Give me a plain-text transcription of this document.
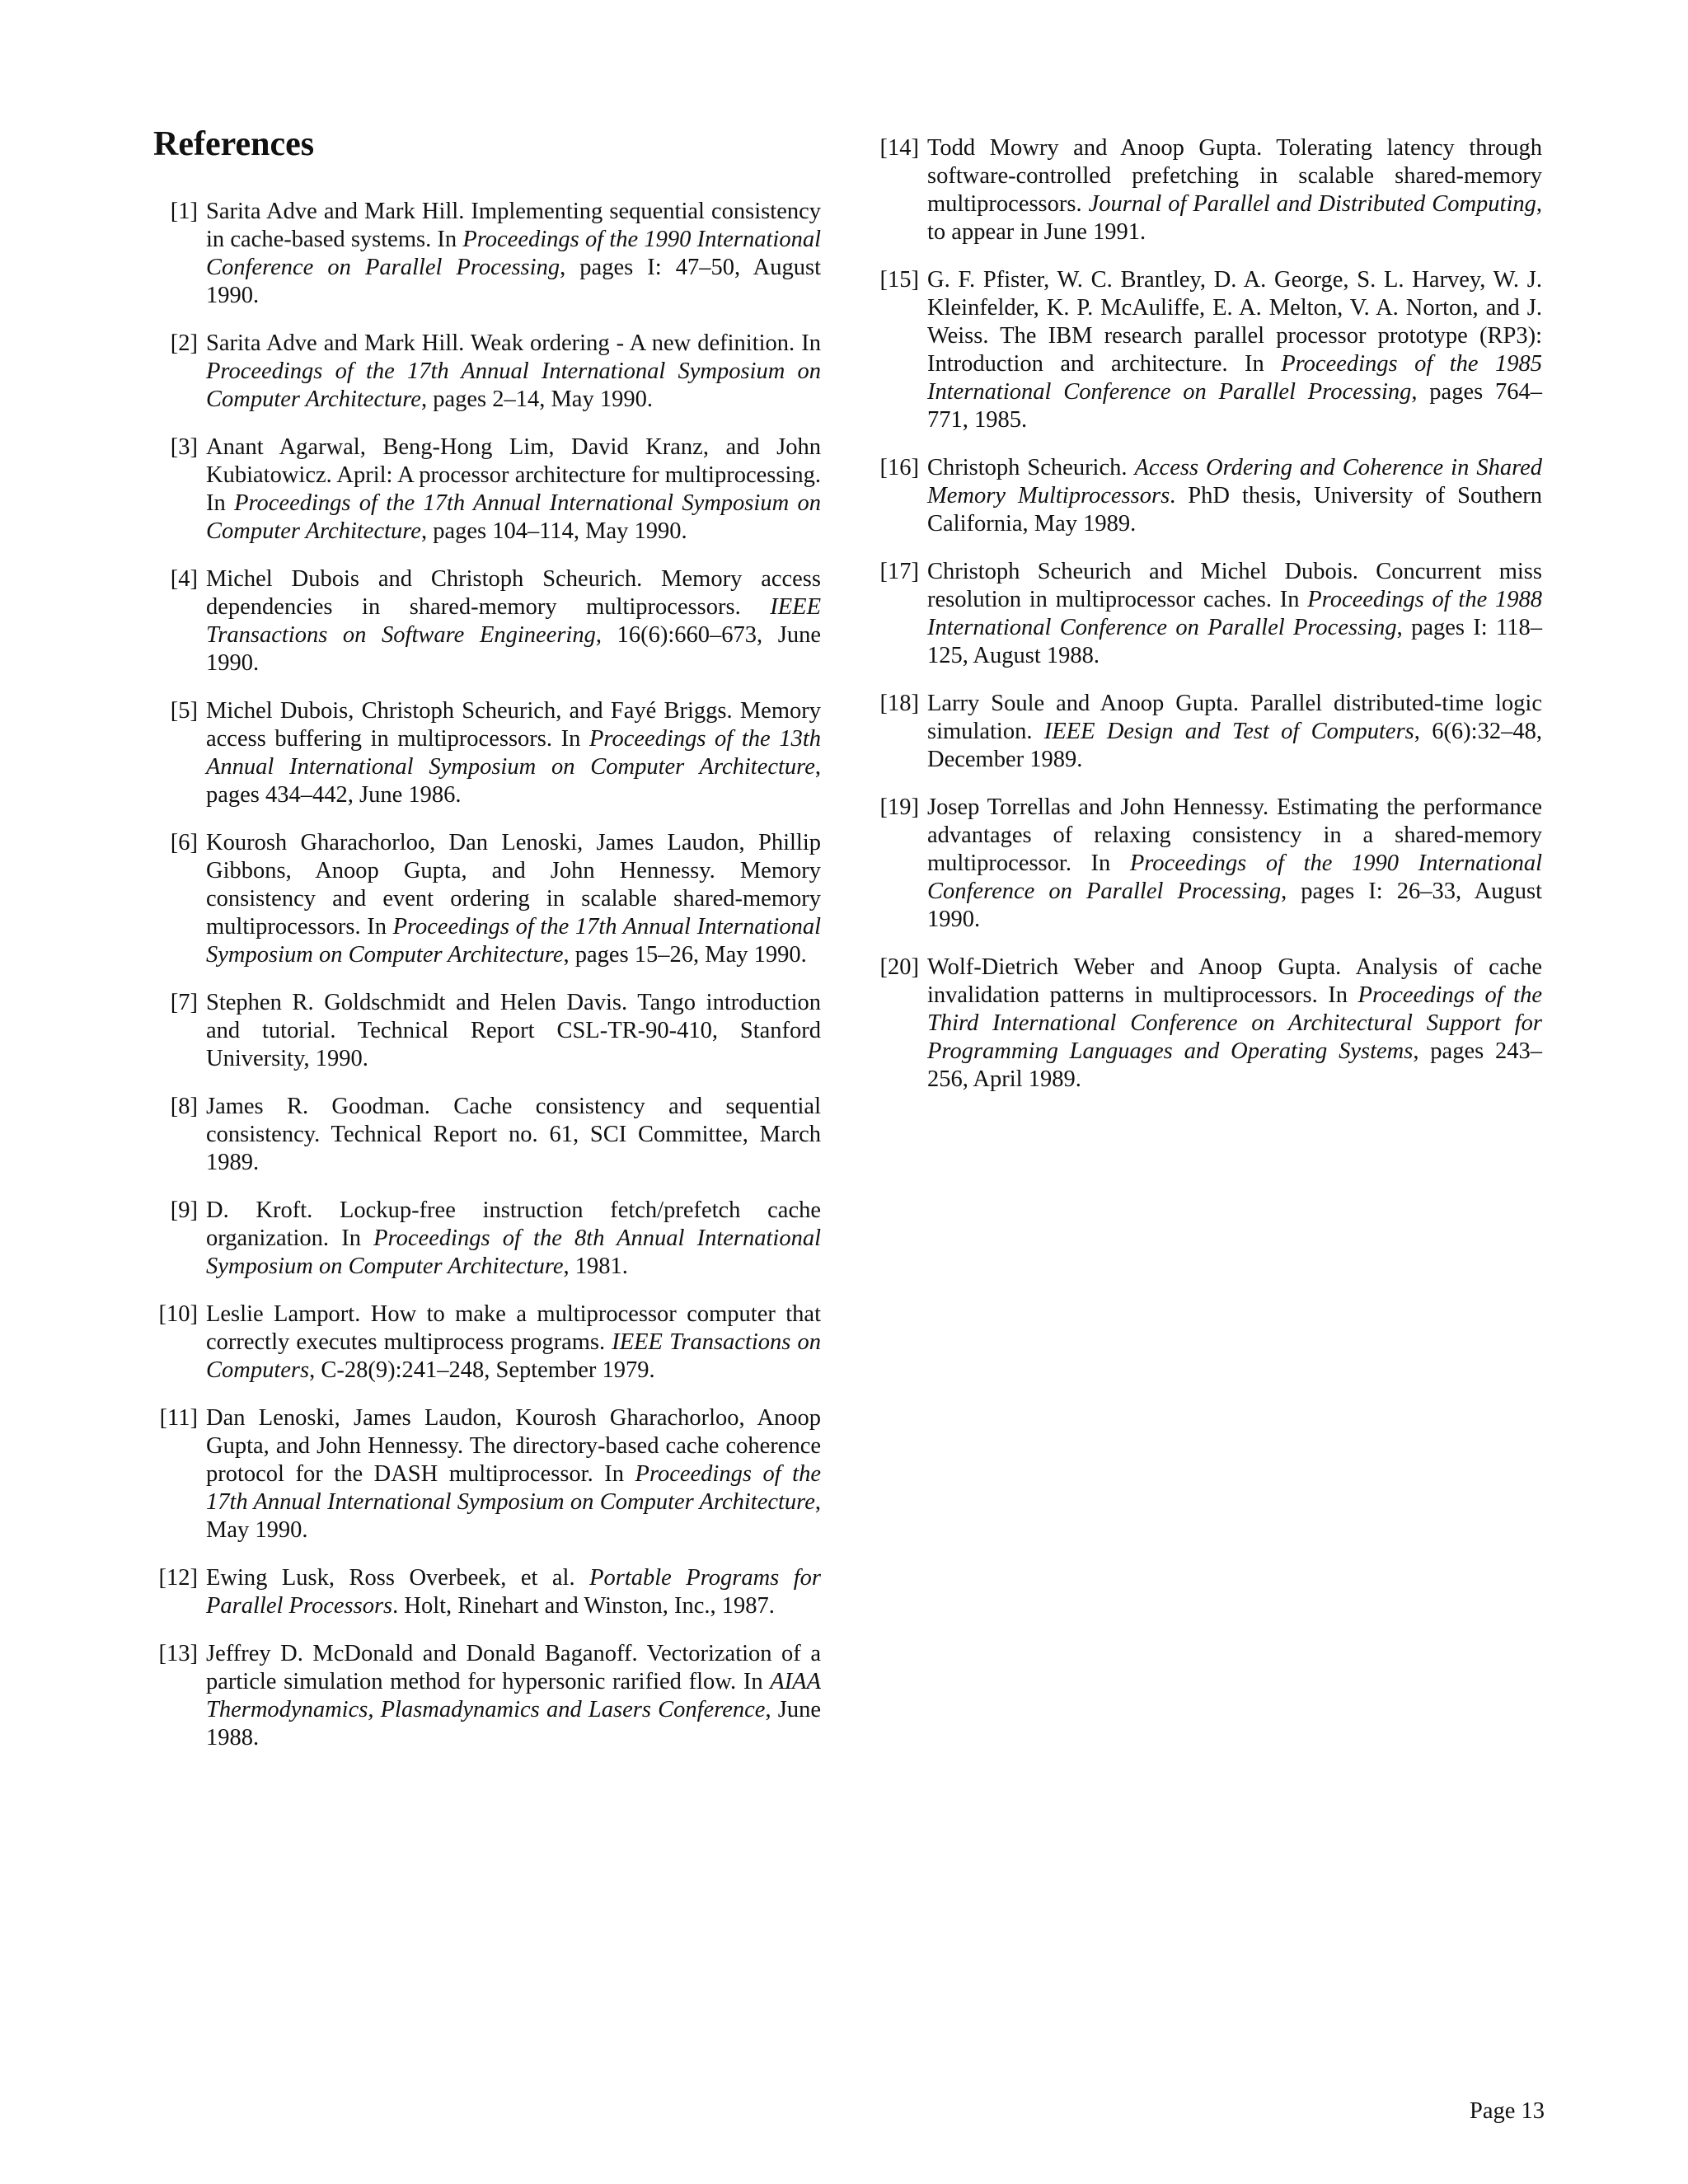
References

[1] Sarita Adve and Mark Hill. Implementing sequential consistency in cache-based systems. In Proceedings of the 1990 International Conference on Parallel Processing, pages I: 47–50, August 1990.

[2] Sarita Adve and Mark Hill. Weak ordering - A new definition. In Proceedings of the 17th Annual International Symposium on Computer Architecture, pages 2–14, May 1990.

[3] Anant Agarwal, Beng-Hong Lim, David Kranz, and John Kubiatowicz. April: A processor architecture for multiprocessing. In Proceedings of the 17th Annual International Symposium on Computer Architecture, pages 104–114, May 1990.

[4] Michel Dubois and Christoph Scheurich. Memory access dependencies in shared-memory multiprocessors. IEEE Transactions on Software Engineering, 16(6):660–673, June 1990.

[5] Michel Dubois, Christoph Scheurich, and Fayé Briggs. Memory access buffering in multiprocessors. In Proceedings of the 13th Annual International Symposium on Computer Architecture, pages 434–442, June 1986.

[6] Kourosh Gharachorloo, Dan Lenoski, James Laudon, Phillip Gibbons, Anoop Gupta, and John Hennessy. Memory consistency and event ordering in scalable shared-memory multiprocessors. In Proceedings of the 17th Annual International Symposium on Computer Architecture, pages 15–26, May 1990.

[7] Stephen R. Goldschmidt and Helen Davis. Tango introduction and tutorial. Technical Report CSL-TR-90-410, Stanford University, 1990.

[8] James R. Goodman. Cache consistency and sequential consistency. Technical Report no. 61, SCI Committee, March 1989.

[9] D. Kroft. Lockup-free instruction fetch/prefetch cache organization. In Proceedings of the 8th Annual International Symposium on Computer Architecture, 1981.

[10] Leslie Lamport. How to make a multiprocessor computer that correctly executes multiprocess programs. IEEE Transactions on Computers, C-28(9):241–248, September 1979.

[11] Dan Lenoski, James Laudon, Kourosh Gharachorloo, Anoop Gupta, and John Hennessy. The directory-based cache coherence protocol for the DASH multiprocessor. In Proceedings of the 17th Annual International Symposium on Computer Architecture, May 1990.

[12] Ewing Lusk, Ross Overbeek, et al. Portable Programs for Parallel Processors. Holt, Rinehart and Winston, Inc., 1987.

[13] Jeffrey D. McDonald and Donald Baganoff. Vectorization of a particle simulation method for hypersonic rarified flow. In AIAA Thermodynamics, Plasmadynamics and Lasers Conference, June 1988.

[14] Todd Mowry and Anoop Gupta. Tolerating latency through software-controlled prefetching in scalable shared-memory multiprocessors. Journal of Parallel and Distributed Computing, to appear in June 1991.

[15] G. F. Pfister, W. C. Brantley, D. A. George, S. L. Harvey, W. J. Kleinfelder, K. P. McAuliffe, E. A. Melton, V. A. Norton, and J. Weiss. The IBM research parallel processor prototype (RP3): Introduction and architecture. In Proceedings of the 1985 International Conference on Parallel Processing, pages 764–771, 1985.

[16] Christoph Scheurich. Access Ordering and Coherence in Shared Memory Multiprocessors. PhD thesis, University of Southern California, May 1989.

[17] Christoph Scheurich and Michel Dubois. Concurrent miss resolution in multiprocessor caches. In Proceedings of the 1988 International Conference on Parallel Processing, pages I: 118–125, August 1988.

[18] Larry Soule and Anoop Gupta. Parallel distributed-time logic simulation. IEEE Design and Test of Computers, 6(6):32–48, December 1989.

[19] Josep Torrellas and John Hennessy. Estimating the performance advantages of relaxing consistency in a shared-memory multiprocessor. In Proceedings of the 1990 International Conference on Parallel Processing, pages I: 26–33, August 1990.

[20] Wolf-Dietrich Weber and Anoop Gupta. Analysis of cache invalidation patterns in multiprocessors. In Proceedings of the Third International Conference on Architectural Support for Programming Languages and Operating Systems, pages 243–256, April 1989.

Page 13
